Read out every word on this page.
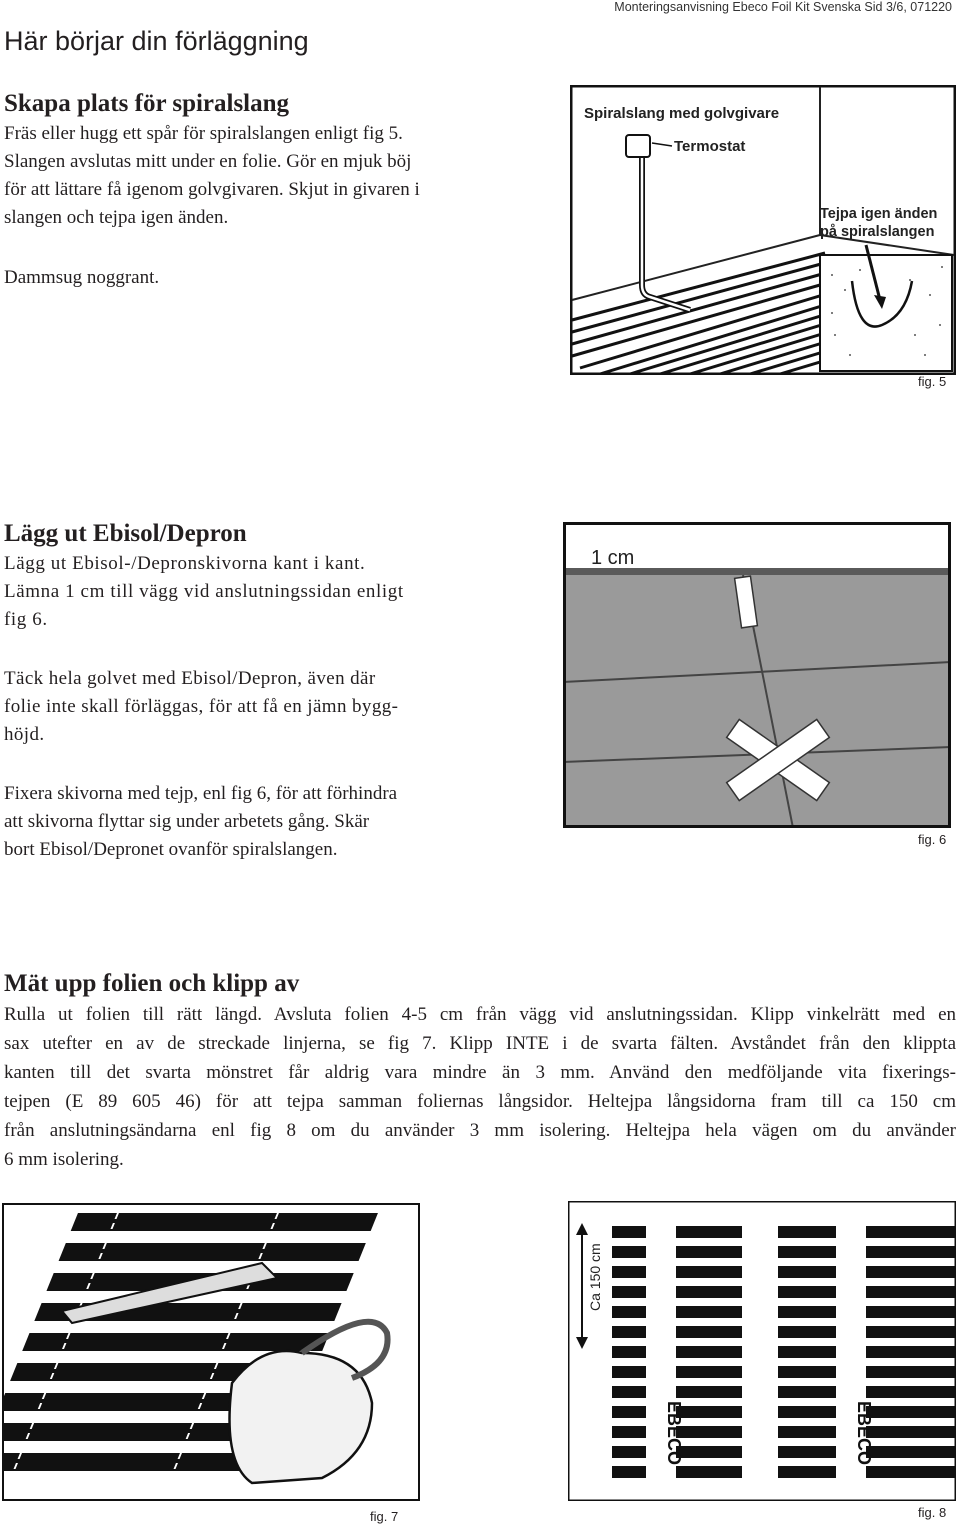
Här börjar din förläggning
Monteringsanvisning Ebeco Foil Kit Svenska Sid 3/6, 071220
Skapa plats för spiralslang
Fräs eller hugg ett spår för spiralslangen enligt fig 5.
Slangen avslutas mitt under en folie. Gör en mjuk böj
för att lättare få igenom golvgivaren. Skjut in givaren i
slangen och tejpa igen änden.
Dammsug noggrant.
Spiralslang med golvgivare
Termostat
Tejpa igen änden
på spiralslangen
fig. 5
Lägg ut Ebisol/Depron
Lägg ut Ebisol-/Depronskivorna kant i kant.
Lämna 1 cm till vägg vid anslutningssidan enligt
fig 6.
Täck hela golvet med Ebisol/Depron, även där
folie inte skall förläggas, för att få en jämn bygg-
höjd.
Fixera skivorna med tejp, enl fig 6, för att förhindra
att skivorna flyttar sig under arbetets gång. Skär
bort Ebisol/Depronet ovanför spiralslangen.
1 cm
fig. 6
Mät upp folien och klipp av
Rulla ut folien till rätt längd. Avsluta folien 4-5 cm från vägg vid anslutningssidan. Klipp vinkelrätt med en
sax utefter en av de streckade linjerna, se fig 7. Klipp INTE i de svarta fälten. Avståndet från den klippta
kanten till det svarta mönstret får aldrig vara mindre än 3 mm. Använd den medföljande vita fixerings-
tejpen (E 89 605 46) för att tejpa samman foliernas långsidor. Heltejpa långsidorna fram till ca 150 cm
från anslutningsändarna enl fig 8 om du använder 3 mm isolering. Heltejpa hela vägen om du använder
6 mm isolering.
fig. 7
Ca 150 cm
EBECO	EBECO
fig. 8
